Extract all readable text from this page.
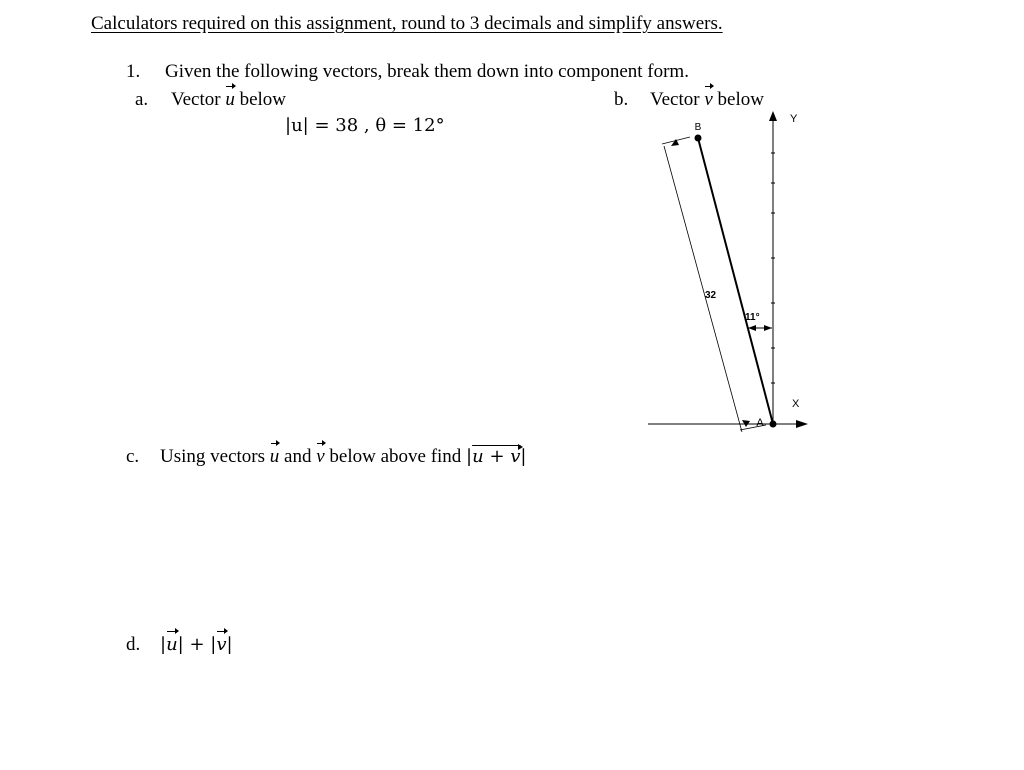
Calculators required on this assignment, round to 3 decimals and simplify answers.
1. Given the following vectors, break them down into component form.
a. Vector u below
|u| = 38 , θ = 12°
b. Vector v below
B
A
Y
X
32
11°
c. Using vectors u and v below above find |u + v|
d. |u| + |v|
